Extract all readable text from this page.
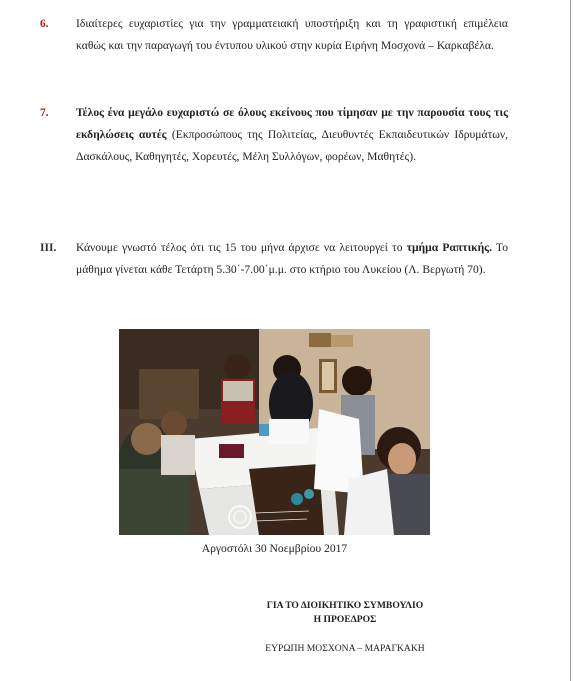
6.	Ιδιαίτερες ευχαριστίες για την γραμματειακή υποστήριξη και τη γραφιστική επιμέλεια καθώς και την παραγωγή του έντυπου υλικού στην κυρία Ειρήνη Μοσχονά – Καρκαβέλα.
7.	Τέλος ένα μεγάλο ευχαριστώ σε όλους εκείνους που τίμησαν με την παρουσία τους τις εκδηλώσεις αυτές (Εκπροσώπους της Πολιτείας, Διευθυντές Εκπαιδευτικών Ιδρυμάτων, Δασκάλους, Καθηγητές, Χορευτές, Μέλη Συλλόγων, φορέων, Μαθητές).
III.	Κάνουμε γνωστό τέλος ότι τις 15 του μήνα άρχισε να λειτουργεί το τμήμα Ραπτικής. Το μάθημα γίνεται κάθε Τετάρτη 5.30΄-7.00΄μ.μ. στο κτήριο του Λυκείου (Λ. Βεργωτή 70).
Αργοστόλι 30 Νοεμβρίου 2017
ΓΙΑ ΤΟ ΔΙΟΙΚΗΤΙΚΟ ΣΥΜΒΟΥΛΙΟ
Η ΠΡΟΕΔΡΟΣ
ΕΥΡΩΠΗ ΜΟΣΧΟΝΑ – ΜΑΡΑΓΚΑΚΗ
